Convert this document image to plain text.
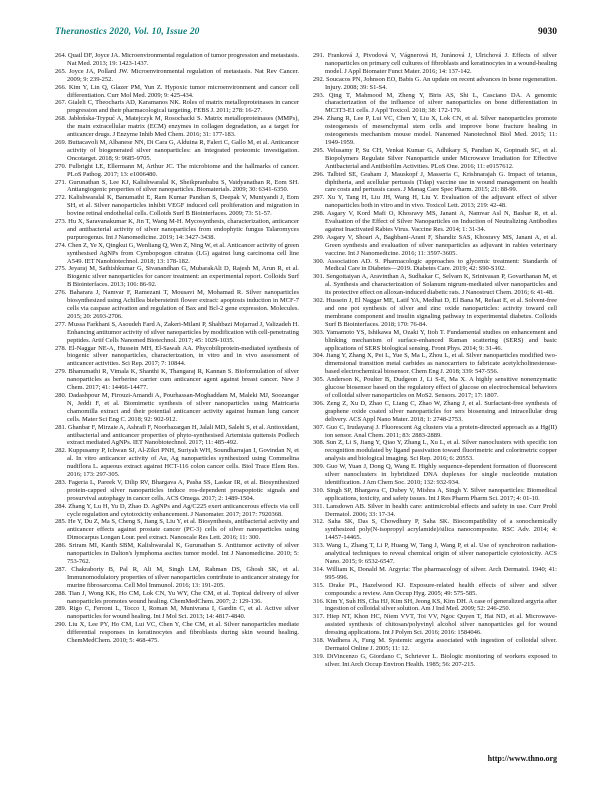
Theranostics 2020, Vol. 10, Issue 20	9030
264. Quail DF, Joyce JA. Microenvironmental regulation of tumor progression and metastasis. Nat Med. 2013; 19: 1423-1437.
265. Joyce JA, Pollard JW. Microenvironmental regulation of metastasis. Nat Rev Cancer. 2009; 9: 239-252.
266. Kim Y, Lin Q, Glazer PM, Yun Z. Hypoxic tumor microenvironment and cancer cell differentiation. Curr Mol Med. 2009; 9: 425-434.
267. Gialeli C, Theocharis AD, Karamanos NK. Roles of matrix metalloproteinases in cancer progression and their pharmacological targeting. FEBS J. 2011; 278: 16-27.
268. Jabłońska-Trypuć A, Matejczyk M, Rosochacki S. Matrix metalloproteinases (MMPs), the main extracellular matrix (ECM) enzymes in collagen degradation, as a target for anticancer drugs. J Enzyme Inhib Med Chem. 2016; 31: 177-183.
269. Buttacavoli M, Albanese NN, Di Cara G, Alduina R, Faleri C, Gallo M, et al. Anticancer activity of biogenerated silver nanoparticles: an integrated proteomic investigation. Oncotarget. 2018; 9: 9685-9705.
270. Fulbright LE, Ellermann M, Arthur JC. The microbiome and the hallmarks of cancer. PLoS Pathog. 2017; 13: e1006480.
271. Gurunathan S, Lee KJ, Kalishwaralal K, Sheikpranbabu S, Vaidyanathan R, Eom SH. Antiangiogenic properties of silver nanoparticles. Biomaterials. 2009; 30: 6341-6350.
272. Kalishwaralal K, Banumathi E, Ram Kumar Pandian S, Deepak V, Muniyandi J, Eom SH, et al. Silver nanoparticles inhibit VEGF induced cell proliferation and migration in bovine retinal endothelial cells. Colloids Surf B Biointerfaces. 2009; 73: 51-57.
273. Hu X, Saravanakumar K, Jin T, Wang M-H. Mycosynthesis, characterization, anticancer and antibacterial activity of silver nanoparticles from endophytic fungus Talaromyces purpurogenus. Int J Nanomedicine. 2019; 14: 3427-3438.
274. Chen Z, Ye X, Qingkui G, Wenliang Q, Wen Z, Ning W, et al. Anticancer activity of green synthesised AgNPs from Cymbopogon citratus (LG) against lung carcinoma cell line A549. IET Nanobiotechnol. 2018; 13: 178-182.
275. Jeyaraj M, Sathishkumar G, Sivanandhan G, MubarakAli D, Rajesh M, Arun R, et al. Biogenic silver nanoparticles for cancer treatment: an experimental report. Colloids Surf B Biointerfaces. 2013; 106: 86-92.
276. Baharara J, Namvar F, Ramezani T, Mousavi M, Mohamad R. Silver nanoparticles biosynthesized using Achillea biebersteinii flower extract: apoptosis induction in MCF-7 cells via caspase activation and regulation of Bax and Bcl-2 gene expression. Molecules. 2015; 20: 2693-2706.
277. Mussa Farkhani S, Asoudeh Fard A, Zakeri-Milani P, Shahbazi Mojarrad J, Valizadeh H. Enhancing antitumor activity of silver nanoparticles by modification with cell-penetrating peptides. Artif Cells Nanomed Biotechnol. 2017; 45: 1029-1035.
278. El-Naggar NE-A, Hussein MH, El-Sawah AA. Phycobiliprotein-mediated synthesis of biogenic silver nanoparticles, characterization, in vitro and in vivo assessment of anticancer activities. Sci Rep. 2017; 7: 10844.
279. Bhanumathi R, Vimala K, Shanthi K, Thangaraj R, Kannan S. Bioformulation of silver nanoparticles as berberine carrier cum anticancer agent against breast cancer. New J Chem. 2017; 41: 14466-14477.
280. Dadashpour M, Firouzi-Amandi A, Pourhassan-Moghaddam M, Maleki MJ, Soozangar N, Jeddi F, et al. Biomimetic synthesis of silver nanoparticles using Matricaria chamomilla extract and their potential anticancer activity against human lung cancer cells. Mater Sci Eng C. 2018; 92: 902-912.
281. Ghanbar F, Mirzaie A, Ashrafi F, Noorbazargan H, Jalali MD, Salehi S, et al. Antioxidant, antibacterial and anticancer properties of phyto-synthesised Artemisia quttensis Podlech extract mediated AgNPs. IET Nanobiotechnol. 2017; 11: 485-492.
282. Kuppusamy P, Ichwan SJ, Al-Zikri PNH, Suriyah WH, Soundharrajan I, Govindan N, et al. In vitro anticancer activity of Au, Ag nanoparticles synthesized using Commelina nudiflora L. aqueous extract against HCT-116 colon cancer cells. Biol Trace Elem Res. 2016; 173: 297-305.
283. Fageria L, Pareek V, Dilip RV, Bhargava A, Pasha SS, Laskar IR, et al. Biosynthesized protein-capped silver nanoparticles induce ros-dependent proapoptotic signals and prosurvival autophagy in cancer cells. ACS Omega. 2017; 2: 1489-1504.
284. Zhang Y, Lu H, Yu D, Zhao D. AgNPs and Ag/C225 exert anticancerous effects via cell cycle regulation and cytotoxicity enhancement. J Nanomater. 2017; 2017: 7920368.
285. He Y, Du Z, Ma S, Cheng S, Jiang S, Liu Y, et al. Biosynthesis, antibacterial activity and anticancer effects against prostate cancer (PC-3) cells of silver nanoparticles using Dimocarpus Longan Lour. peel extract. Nanoscale Res Lett. 2016; 11: 300.
286. Sriram MI, Kanth SBM, Kalishwaralal K, Gurunathan S. Antitumor activity of silver nanoparticles in Dalton's lymphoma ascites tumor model. Int J Nanomedicine. 2010; 5: 753-762.
287. Chakraborty B, Pal R, Ali M, Singh LM, Rahman DS, Ghosh SK, et al. Immunomodulatory properties of silver nanoparticles contribute to anticancer strategy for murine fibrosarcoma. Cell Mol Immunol. 2016; 13: 191-205.
288. Tian J, Wong KK, Ho CM, Lok CN, Yu WY, Che CM, et al. Topical delivery of silver nanoparticles promotes wound healing. ChemMedChem. 2007; 2: 129-136.
289. Rigo C, Ferroni L, Tocco I, Roman M, Munivrana I, Gardin C, et al. Active silver nanoparticles for wound healing. Int J Mol Sci. 2013; 14: 4817-4840.
290. Liu X, Lee PY, Ho CM, Lui VC, Chen Y, Che CM, et al. Silver nanoparticles mediate differential responses in keratinocytes and fibroblasts during skin wound healing. ChemMedChem. 2010; 5: 468-475.
291. Franková J, Pivodová V, Vágnerová H, Juránová J, Ulrichová J. Effects of silver nanoparticles on primary cell cultures of fibroblasts and keratinocytes in a wound-healing model. J Appl Biomater Funct Mater. 2016; 14: 137-142.
292. Soucacos PN, Johnson EO, Babis G. An update on recent advances in bone regeneration. Injury. 2008; 39: S1-S4.
293. Qing T, Mahmood M, Zheng Y, Biris AS, Shi L, Casciano DA. A genomic characterization of the influence of silver nanoparticles on bone differentiation in MC3T3-E1 cells. J Appl Toxicol. 2018; 38: 172-179.
294. Zhang R, Lee P, Lui VC, Chen Y, Liu X, Lok CN, et al. Silver nanoparticles promote osteogenesis of mesenchymal stem cells and improve bone fracture healing in osteogenesis mechanism mouse model. Nanomed Nanotechnol Biol Med. 2015; 11: 1949-1959.
295. Velusamy P, Su CH, Venkat Kumar G, Adhikary S, Pandian K, Gopinath SC, et al. Biopolymers Regulate Silver Nanoparticle under Microwave Irradiation for Effective Antibacterial and Antibiofilm Activities. PLoS One. 2016; 11: e0157612.
296. Talbird SE, Graham J, Mauskopf J, Masseria C, Krishnarajah G. Impact of tetanus, diphtheria, and acellular pertussis (Tdap) vaccine use in wound management on health care costs and pertussis cases. J Manag Care Spec Pharm. 2015; 21: 88-99.
297. Xu Y, Tang H, Liu JH, Wang H, Liu Y. Evaluation of the adjuvant effect of silver nanoparticles both in vitro and in vivo. Toxicol Lett. 2013; 219: 42-48.
298. Asgary V, Kord Mafi O, Khosravy MS, Janani A, Namvar Asl N, Bashar R, et al. Evaluation of the Effect of Silver Nanoparticles on Induction of Neutralizing Antibodies against Inactivated Rabies Virus. Vaccine Res. 2014; 1: 31-34.
299. Asgary V, Shoari A, Baghbani-Arani F, Shandiz SAS, Khosravy MS, Janani A, et al. Green synthesis and evaluation of silver nanoparticles as adjuvant in rabies veterinary vaccine. Int J Nanomedicine. 2016; 11: 3597-3605.
300. Association AD. 9. Pharmacologic approaches to glycemic treatment: Standards of Medical Care in Diabetes—2019. Diabetes Care. 2019; 42: S90-S102.
301. Sengottaiyan A, Aravinthan A, Sudhakar C, Selvam K, Srinivasan P, Govarthanan M, et al. Synthesis and characterization of Solanum nigrum-mediated silver nanoparticles and its protective effect on alloxan-induced diabetic rats. J Nanostruct Chem. 2016; 6: 41-48.
302. Hussein J, El Naggar ME, Latif YA, Medhat D, El Bana M, Refaat E, et al. Solvent-free and one pot synthesis of silver and zinc oxide nanoparticles: activity toward cell membrane component and insulin signaling pathway in experimental diabetes. Colloids Surf B Biointerfaces. 2018; 170: 76-84.
303. Yamamoto YS, Ishikawa M, Ozaki Y, Itoh T. Fundamental studies on enhancement and blinking mechanism of surface-enhanced Raman scattering (SERS) and basic applications of SERS biological sensing. Front Phys. 2014; 9: 31-46.
304. Jiang Y, Zhang X, Pei L, Yue S, Ma L, Zhou L, et al. Silver nanoparticles modified two-dimensional transition metal carbides as nanocarriers to fabricate acetylcholinesterase-based electrochemical biosensor. Chem Eng J. 2018; 339: 547-556.
305. Anderson K, Poulter B, Dudgeon J, Li S-E, Ma X. A highly sensitive nonenzymatic glucose biosensor based on the regulatory effect of glucose on electrochemical behaviors of colloidal silver nanoparticles on MoS2. Sensors. 2017; 17: 1807.
306. Zeng Z, Xu D, Zhao C, Liang C, Zhao W, Zhang J, et al. Surfactant-free synthesis of graphene oxide coated silver nanoparticles for sers biosensing and intracellular drug delivery. ACS Appl Nano Mater. 2018; 1: 2748-2753.
307. Guo C, Irudayaraj J. Fluorescent Ag clusters via a protein-directed approach as a Hg(II) ion sensor. Anal Chem. 2011; 83: 2883-2889.
308. Sun Z, Li S, Jiang Y, Qiao Y, Zhang L, Xu L, et al. Silver nanoclusters with specific ion recognition modulated by ligand passivation toward fluorimetric and colorimetric copper analysis and biological imaging. Sci Rep. 2016; 6: 20553.
309. Guo W, Yuan J, Dong Q, Wang E. Highly sequence-dependent formation of fluorescent silver nanoclusters in hybridized DNA duplexes for single nucleotide mutation identification. J Am Chem Soc. 2010; 132: 932-934.
310. Singh SP, Bhargava C, Dubey V, Mishra A, Singh Y. Silver nanoparticles: Biomedical applications, toxicity, and safety issues. Int J Res Pharm Pharm Sci. 2017; 4: 01-10.
311. Lansdown AB. Silver in health care: antimicrobial effects and safety in use. Curr Probl Dermatol. 2006; 33: 17-34.
312. Saha SK, Das S, Chowdhury P, Saha SK. Biocompatibility of a sonochemically synthesized poly(N-isopropyl acrylamide)/silica nanocomposite. RSC Adv. 2014; 4: 14457-14465.
313. Wang L, Zhang T, Li P, Huang W, Tang J, Wang P, et al. Use of synchrotron radiation-analytical techniques to reveal chemical origin of silver nanoparticle cytotoxicity. ACS Nano. 2015; 9: 6532-6547.
314. William K, Donald M. Argyria: The pharmacology of silver. Arch Dermatol. 1940; 41: 995-996.
315. Drake PL, Hazelwood KJ. Exposure-related health effects of silver and silver compounds: a review. Ann Occup Hyg. 2005; 49: 575-585.
316. Kim Y, Suh HS, Cha HJ, Kim SH, Jeong KS, Kim DH. A case of generalized argyria after ingestion of colloidal silver solution. Am J Ind Med. 2009; 52: 246-250.
317. Hiep NT, Khon HC, Niem VVT, Toi VV, Ngoc Quyen T, Hai ND, et al. Microwave-assisted synthesis of chitosan/polyvinyl alcohol silver nanoparticles gel for wound dressing applications. Int J Polym Sci. 2016; 2016: 1584046.
318. Wadhera A, Fung M. Systemic argyria associated with ingestion of colloidal silver. Dermatol Online J. 2005; 11: 12.
319. DiVincenzo G, Giordano C, Schriever L. Biologic monitoring of workers exposed to silver. Int Arch Occup Environ Health. 1985; 56: 207-215.
http://www.thno.org
